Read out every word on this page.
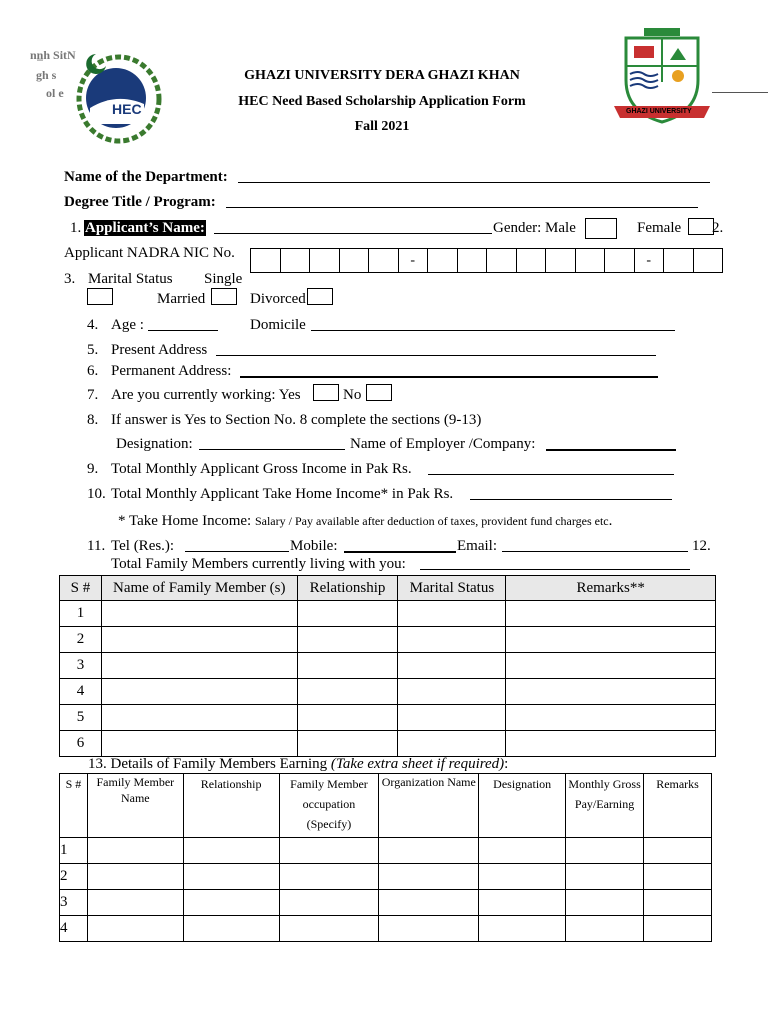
nn̲h SitN
gh s
ol e
HEC	GHAZI UNIVERSITY
GHAZI UNIVERSITY DERA GHAZI KHAN
HEC Need Based Scholarship Application Form
Fall 2021
Name of the Department:
Degree Title / Program:
1. Applicant’s Name:	Gender: Male	Female 2.
Applicant NADRA NIC No.
						-								-		
3. Marital Status Single
Married	Divorced
4. Age :	Domicile
5. Present Address
6. Permanent Address:
7. Are you currently working: Yes	No
8. If answer is Yes to Section No. 8 complete the sections (9-13)
Designation:	Name of Employer /Company:
9. Total Monthly Applicant Gross Income in Pak Rs.
10. Total Monthly Applicant Take Home Income* in Pak Rs.
* Take Home Income: Salary / Pay available after deduction of taxes, provident fund charges etc.
11. Tel (Res.):	Mobile:	Email:	12.
Total Family Members currently living with you:
S #	Name of Family Member (s)	Relationship	Marital Status	Remarks**
1				
2				
3				
4				
5				
6				
13. Details of Family Members Earning (Take extra sheet if required):
S #	Family Member Name	Relationship	Family Member occupation (Specify)	Organization Name	Designation	Monthly Gross Pay/Earning	Remarks
1							
2							
3							
4							
